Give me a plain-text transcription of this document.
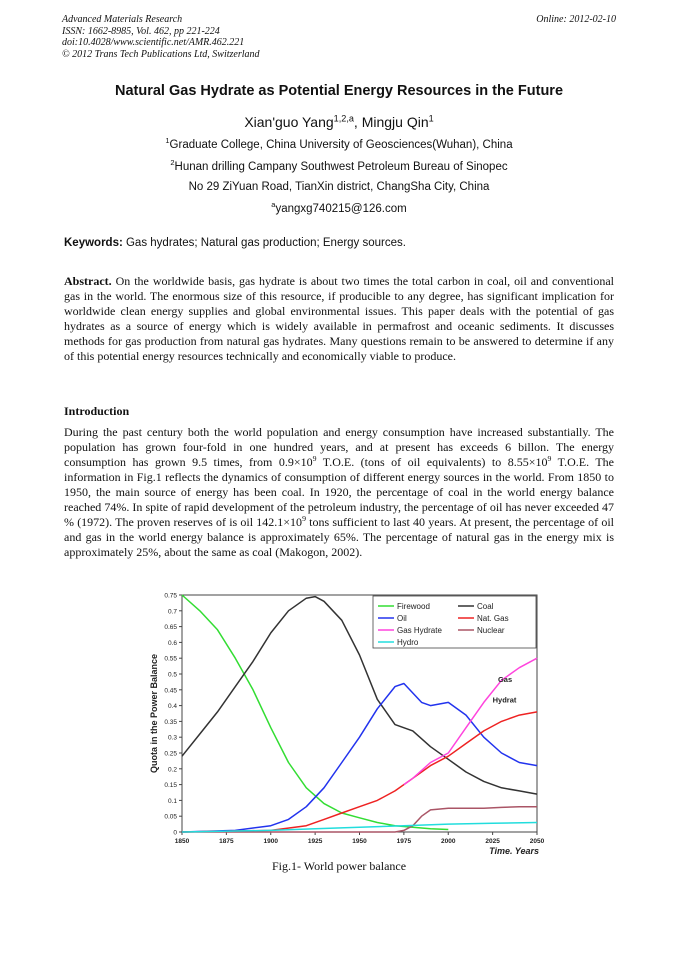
Advanced Materials Research
ISSN: 1662-8985, Vol. 462, pp 221-224
doi:10.4028/www.scientific.net/AMR.462.221
© 2012 Trans Tech Publications Ltd, Switzerland
Online: 2012-02-10
Natural Gas Hydrate as Potential Energy Resources in the Future
Xian'guo Yang$^{1,2,a}$, Mingju Qin$^1$
$^1$Graduate College, China University of Geosciences(Wuhan), China
$^2$Hunan drilling Campany Southwest Petroleum Bureau of Sinopec
No 29 ZiYuan Road, TianXin district, ChangSha City, China
$^a$yangxg740215@126.com
Keywords: Gas hydrates; Natural gas production; Energy sources.
Abstract. On the worldwide basis, gas hydrate is about two times the total carbon in coal, oil and conventional gas in the world. The enormous size of this resource, if producible to any degree, has significant implication for worldwide clean energy supplies and global environmental issues. This paper deals with the potential of gas hydrates as a source of energy which is widely available in permafrost and oceanic sediments. It discusses methods for gas production from natural gas hydrates. Many questions remain to be answered to determine if any of this potential energy resources technically and economically viable to produce.
Introduction
During the past century both the world population and energy consumption have increased substantially. The population has grown four-fold in one hundred years, and at present has exceeds 6 billon. The energy consumption has grown 9.5 times, from $0.9\times 10^9$ T.O.E. (tons of oil equivalents) to $8.55\times 10^9$ T.O.E. The information in Fig.1 reflects the dynamics of consumption of different energy sources in the world. From 1850 to 1950, the main source of energy has been coal. In 1920, the percentage of coal in the world energy balance reached 74%. In spite of rapid development of the petroleum industry, the percentage of oil has never exceeded 47 % (1972). The proven reserves of is oil $142.1\times 10^9$ tons sufficient to last 40 years. At present, the percentage of oil and gas in the world energy balance is approximately 65%. The percentage of natural gas in the energy mix is approximately 25%, about the same as coal (Makogon, 2002).
0
0.05
0.1
0.15
0.2
0.25
0.3
0.35
0.4
0.45
0.5
0.55
0.6
0.65
0.7
0.75
1850	1875	1900	1925	1950	1975	2000	2025	2050
Time. Years
Quota in the Power Balance
Firewood	Coal
Oil	Nat. Gas
Gas Hydrate	Nuclear
Hydro
Gas
Hydrat
Fig.1- World power balance
